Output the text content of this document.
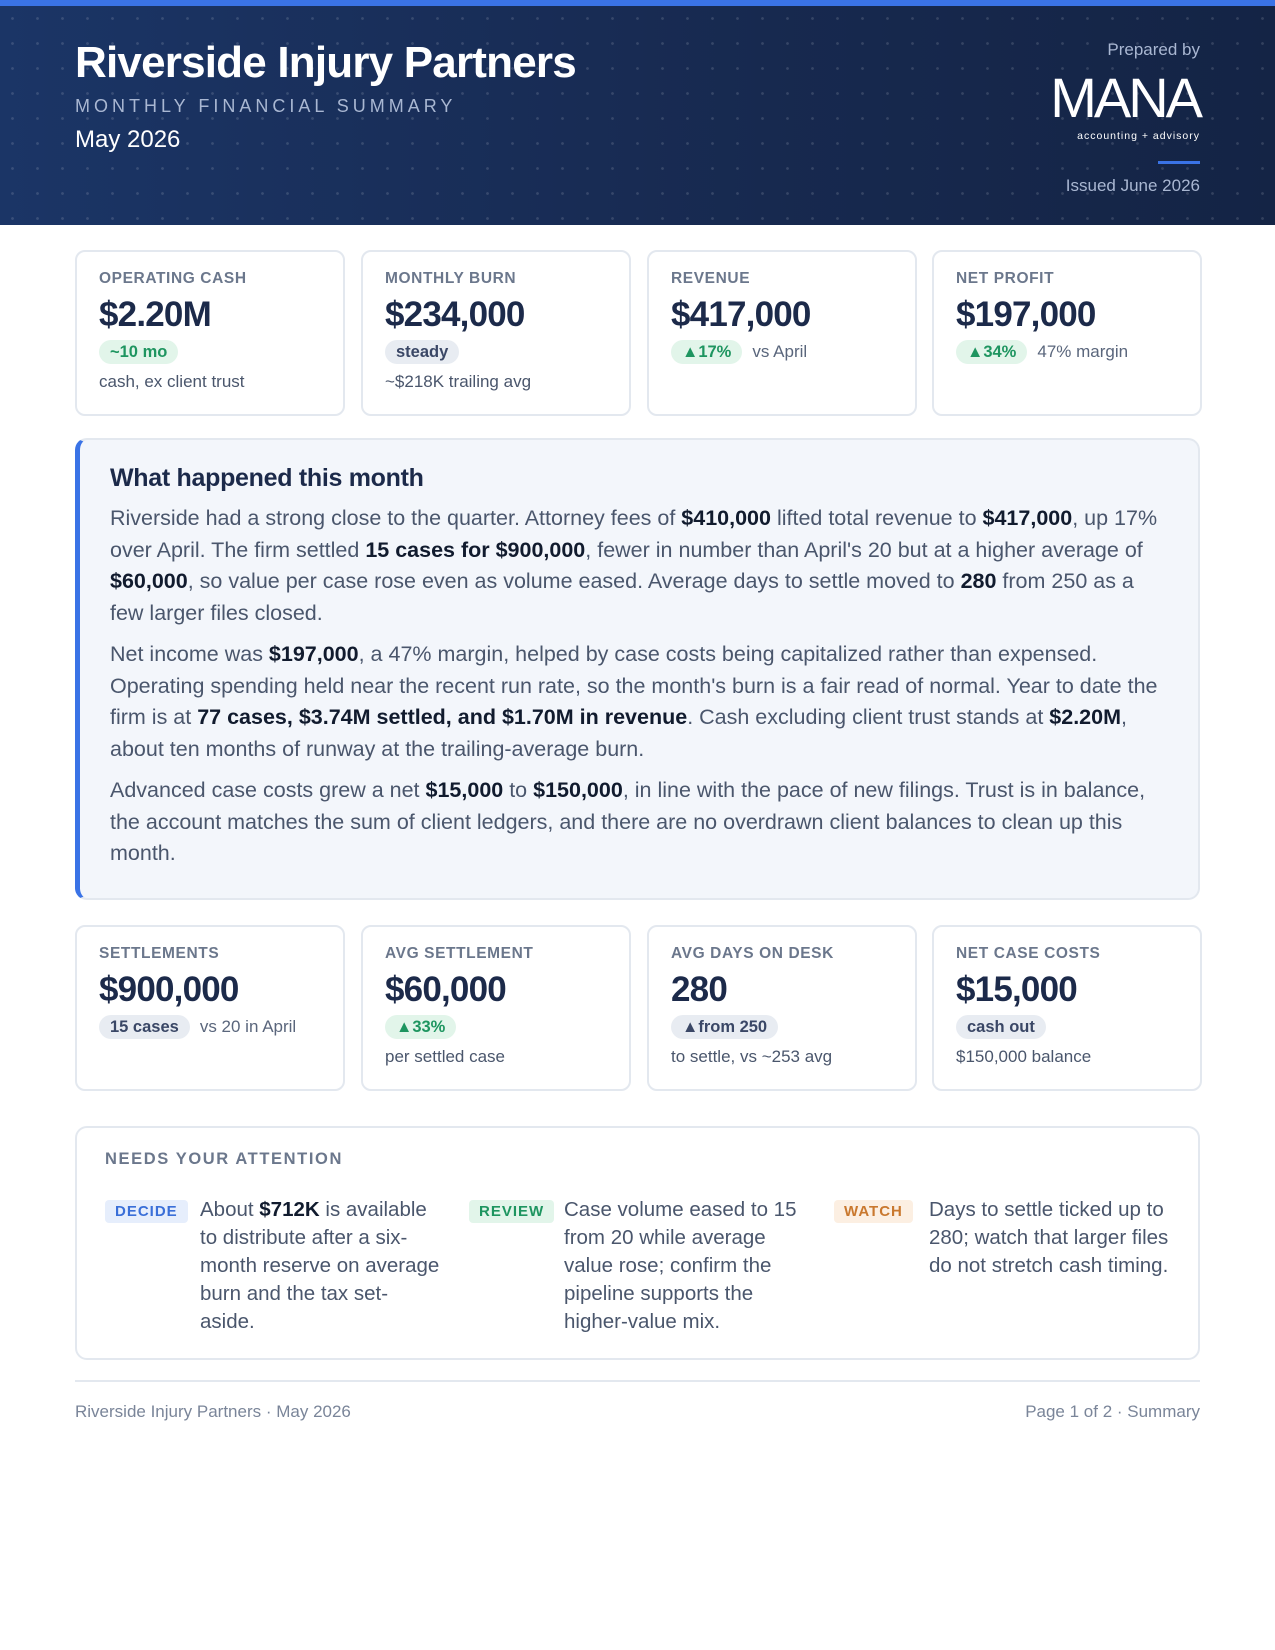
Riverside Injury Partners
MONTHLY FINANCIAL SUMMARY
May 2026
Prepared by
MANA
accounting + advisory
Issued June 2026
OPERATING CASH
$2.20M
~10 mo
cash, ex client trust
MONTHLY BURN
$234,000
steady
~$218K trailing avg
REVENUE
$417,000
▲17%	vs April
NET PROFIT
$197,000
▲34%	47% margin
What happened this month

Riverside had a strong close to the quarter. Attorney fees of $410,000 lifted total revenue to $417,000, up 17% over April. The firm settled 15 cases for $900,000, fewer in number than April's 20 but at a higher average of $60,000, so value per case rose even as volume eased. Average days to settle moved to 280 from 250 as a few larger files closed.

Net income was $197,000, a 47% margin, helped by case costs being capitalized rather than expensed. Operating spending held near the recent run rate, so the month's burn is a fair read of normal. Year to date the firm is at 77 cases, $3.74M settled, and $1.70M in revenue. Cash excluding client trust stands at $2.20M, about ten months of runway at the trailing-average burn.

Advanced case costs grew a net $15,000 to $150,000, in line with the pace of new filings. Trust is in balance, the account matches the sum of client ledgers, and there are no overdrawn client balances to clean up this month.

SETTLEMENTS
$900,000
15 cases	vs 20 in April
AVG SETTLEMENT
$60,000
▲33%
per settled case
AVG DAYS ON DESK
280
▲from 250
to settle, vs ~253 avg
NET CASE COSTS
$15,000
cash out
$150,000 balance
NEEDS YOUR ATTENTION
DECIDE	About $712K is available to distribute after a six-month reserve on average burn and the tax set-aside.
REVIEW Case volume eased to 15 from 20 while average value rose; confirm the pipeline supports the higher-value mix.
WATCH	Days to settle ticked up to 280; watch that larger files do not stretch cash timing.
Riverside Injury Partners · May 2026	Page 1 of 2 · Summary
